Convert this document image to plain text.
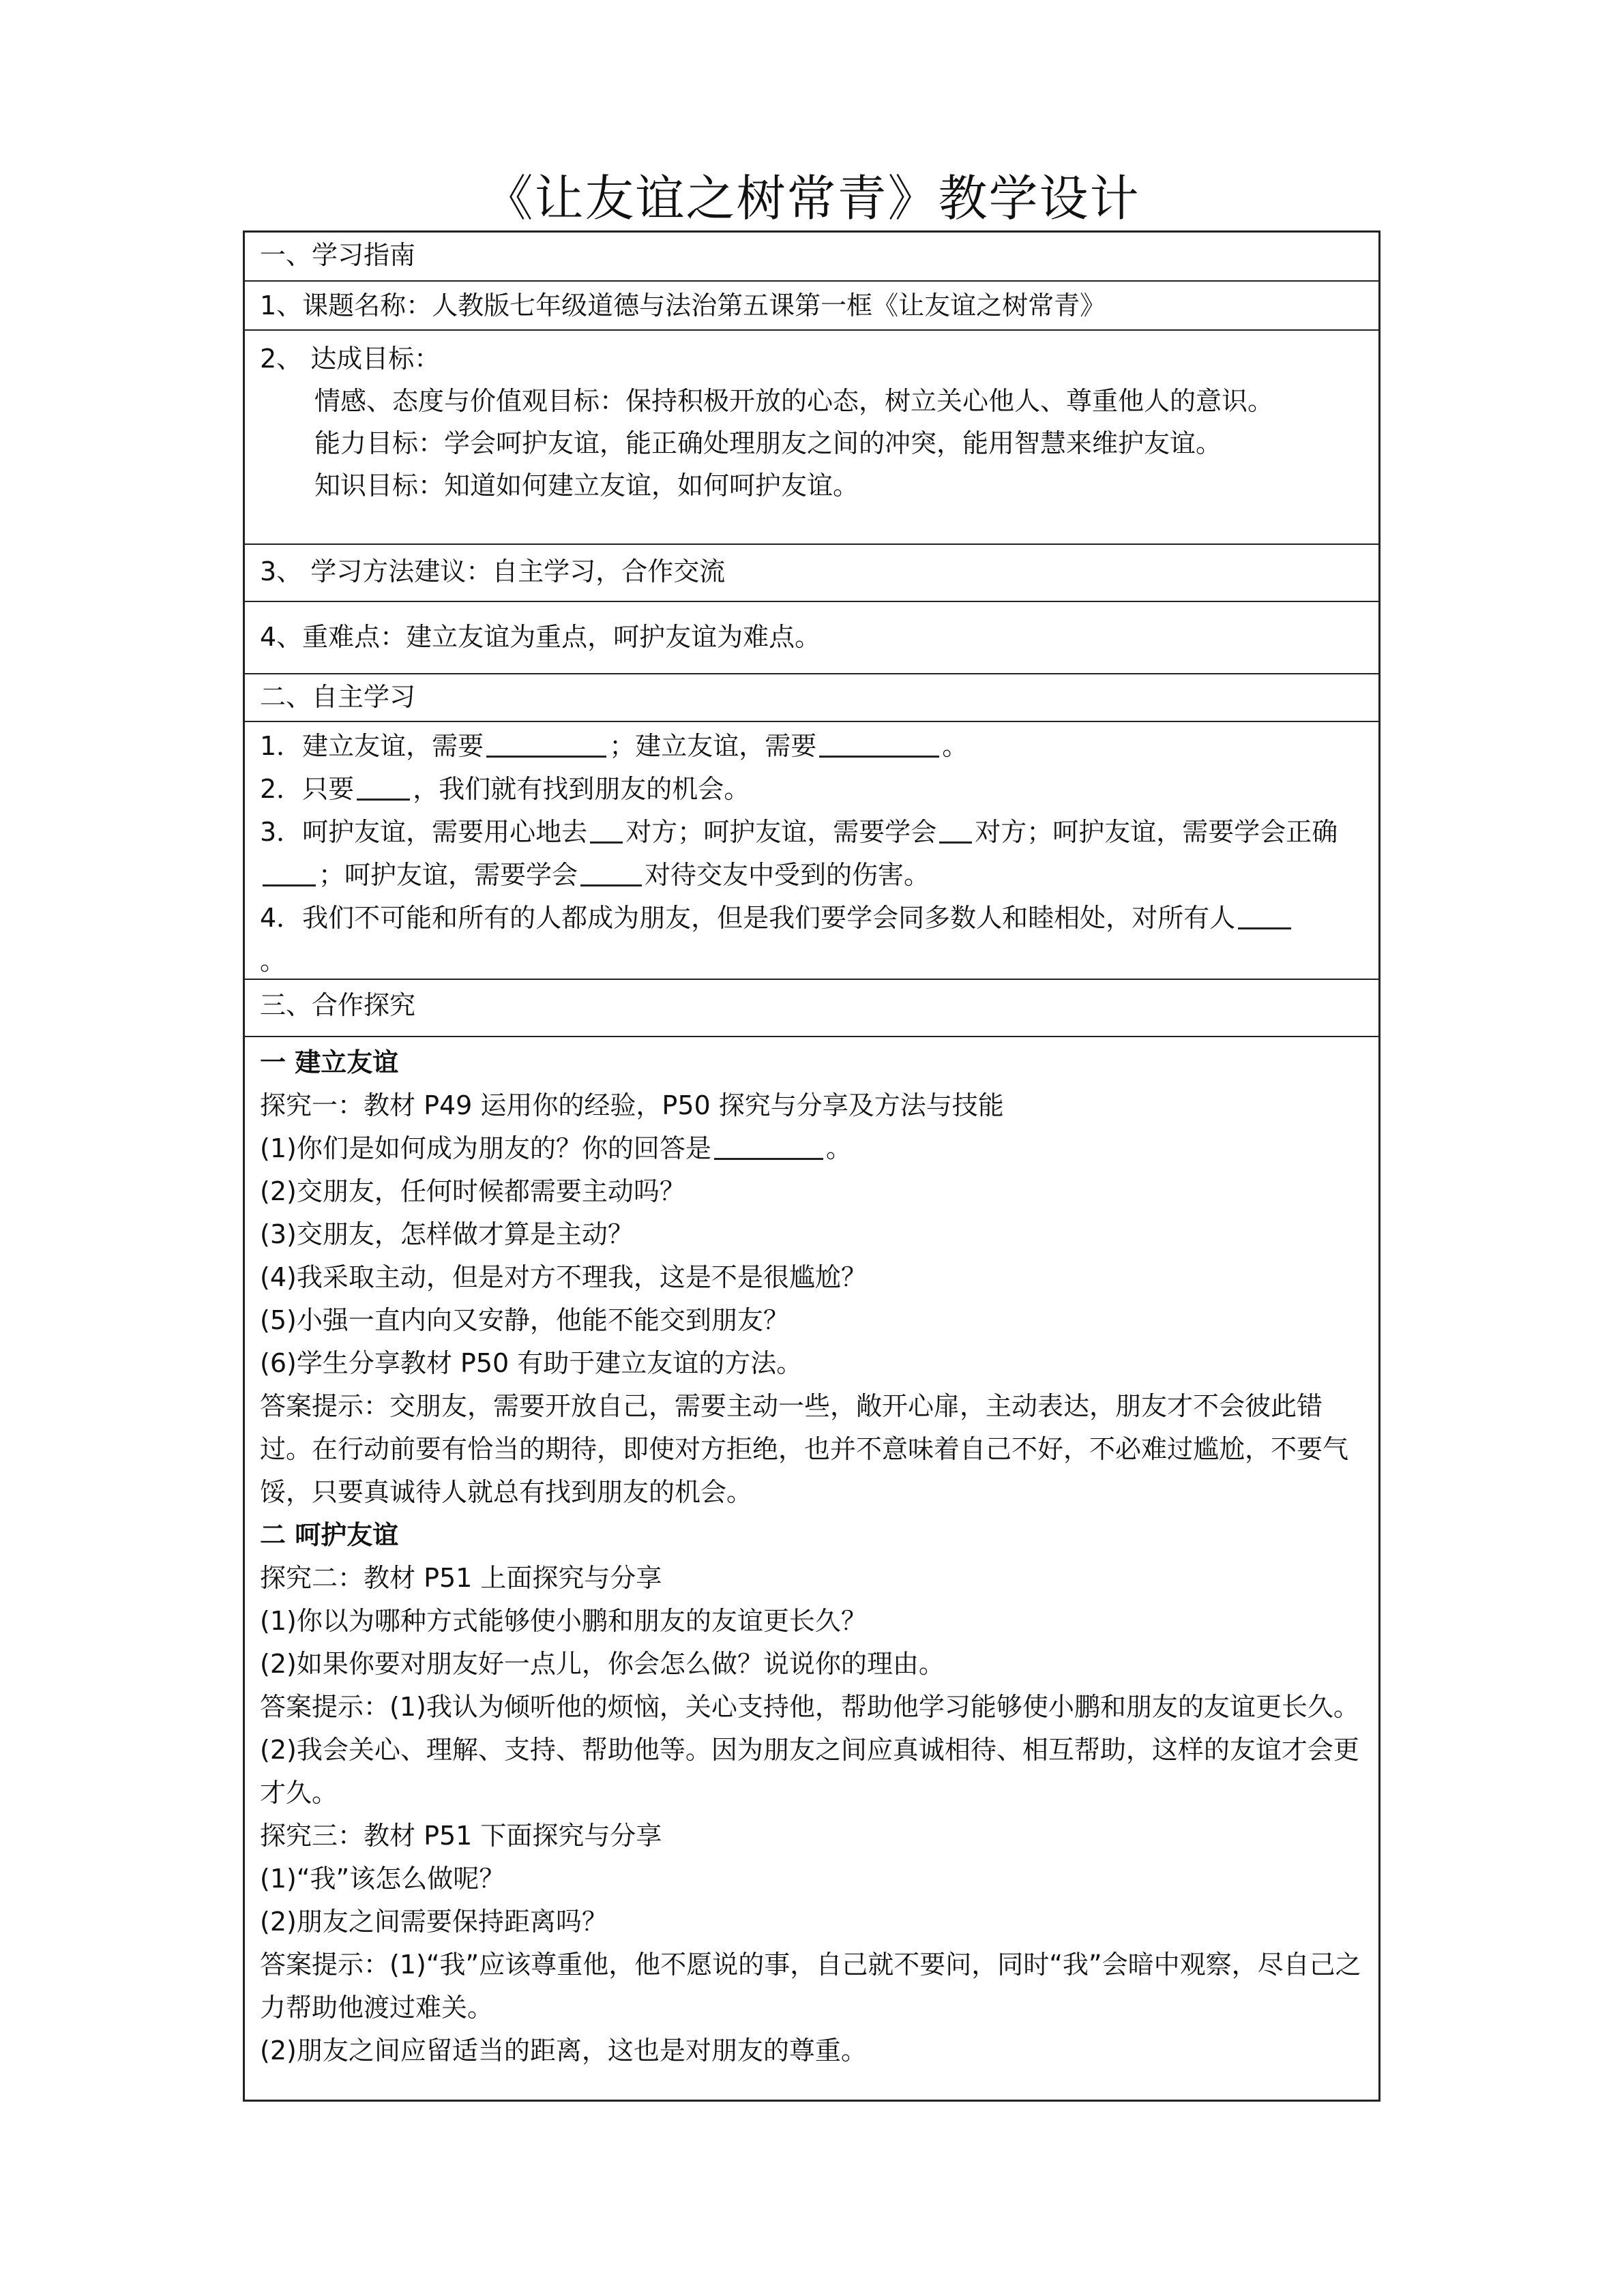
《让友谊之树常青》教学设计

一、学习指南

1、课题名称：人教版七年级道德与法治第五课第一框《让友谊之树常青》

2、 达成目标：

情感、态度与价值观目标：保持积极开放的心态，树立关心他人、尊重他人的意识。

能力目标：学会呵护友谊，能正确处理朋友之间的冲突，能用智慧来维护友谊。

知识目标：知道如何建立友谊，如何呵护友谊。

3、 学习方法建议：自主学习，合作交流

4、重难点：建立友谊为重点，呵护友谊为难点。

二、自主学习

1．建立友谊，需要	；建立友谊，需要	。

2．只要 ，我们就有找到朋友的机会。

3．呵护友谊，需要用心地去 对方；呵护友谊，需要学会 对方；呵护友谊，需要学会正确；呵护友谊，需要学会	对待交友中受到的伤害。

4．我们不可能和所有的人都成为朋友，但是我们要学会同多数人和睦相处，对所有人。

三、合作探究

一 建立友谊

探究一：教材 P49 运用你的经验，P50 探究与分享及方法与技能

(1)你们是如何成为朋友的？你的回答是	。

(2)交朋友，任何时候都需要主动吗？

(3)交朋友，怎样做才算是主动？

(4)我采取主动，但是对方不理我，这是不是很尴尬？

(5)小强一直内向又安静，他能不能交到朋友？

(6)学生分享教材 P50 有助于建立友谊的方法。

答案提示：交朋友，需要开放自己，需要主动一些，敞开心扉，主动表达，朋友才不会彼此错过。在行动前要有恰当的期待，即使对方拒绝，也并不意味着自己不好，不必难过尴尬，不要气馁，只要真诚待人就总有找到朋友的机会。

二 呵护友谊

探究二：教材 P51 上面探究与分享

(1)你以为哪种方式能够使小鹏和朋友的友谊更长久？

(2)如果你要对朋友好一点儿，你会怎么做？说说你的理由。

答案提示：(1)我认为倾听他的烦恼，关心支持他，帮助他学习能够使小鹏和朋友的友谊更长久。

(2)我会关心、理解、支持、帮助他等。因为朋友之间应真诚相待、相互帮助，这样的友谊才会更才久。

探究三：教材 P51 下面探究与分享

(1)“我”该怎么做呢？

(2)朋友之间需要保持距离吗？

答案提示：(1)“我”应该尊重他，他不愿说的事，自己就不要问，同时“我”会暗中观察，尽自己之力帮助他渡过难关。

(2)朋友之间应留适当的距离，这也是对朋友的尊重。
